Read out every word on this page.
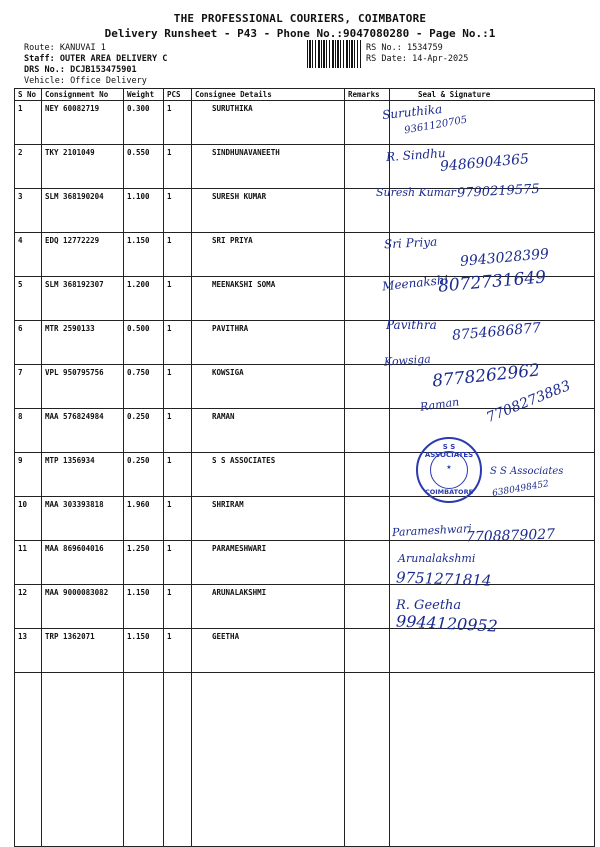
THE PROFESSIONAL COURIERS, COIMBATORE
Delivery Runsheet - P43 - Phone No.:9047080280 - Page No.:1
Route: KANUVAI 1
Staff: OUTER AREA DELIVERY C
DRS No.: DCJB153475901
Vehicle: Office Delivery
RS No.: 1534759
RS Date: 14-Apr-2025
S No	Consignment No	Weight	PCS	Consignee Details	Remarks	Seal & Signature
1	NEY 60082719	0.300	1	SURUTHIKA		
2	TKY 2101049	0.550	1	SINDHUNAVANEETH		
3	SLM 368190204	1.100	1	SURESH KUMAR		
4	EDQ 12772229	1.150	1	SRI PRIYA		
5	SLM 368192307	1.200	1	MEENAKSHI SOMA		
6	MTR 2590133	0.500	1	PAVITHRA		
7	VPL 950795756	0.750	1	KOWSIGA		
8	MAA 576824984	0.250	1	RAMAN		
9	MTP 1356934	0.250	1	S S ASSOCIATES		
10	MAA 303393818	1.960	1	SHRIRAM		
11	MAA 869604016	1.250	1	PARAMESHWARI		
12	MAA 9000083082	1.150	1	ARUNALAKSHMI		
13	TRP 1362071	1.150	1	GEETHA		

Suruthika
9361120705
R. Sindhu
9486904365
Suresh Kumar 9790219575
Sri Priya
9943028399
Meenakshi
8072731649
Pavithra 8754686877
Kowsiga 8778262962
Raman 7708273883
S S Associates
6380498452
Parameshwari
7708879027
Arunalakshmi
9751271814
R. Geetha
9944120952
S S ASSOCIATES
★
COIMBATORE
